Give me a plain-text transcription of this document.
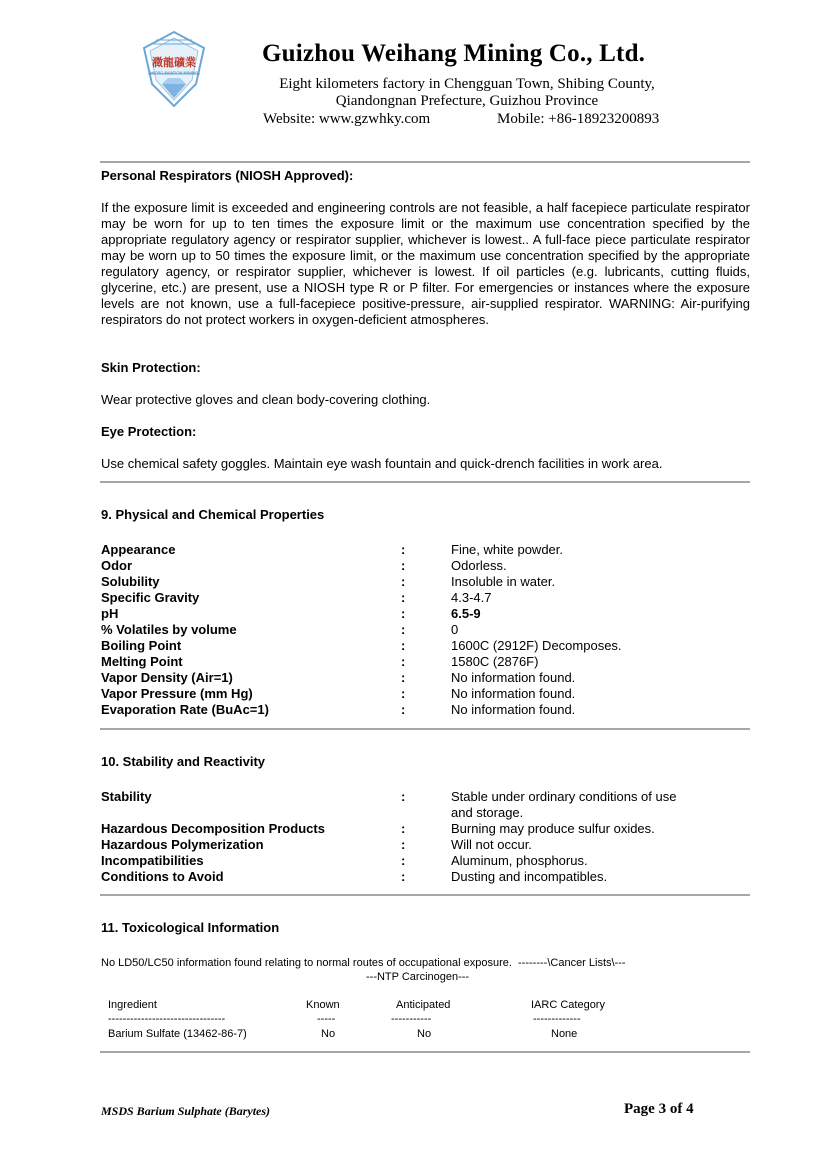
瀓龍礦業
MICRO AVIATION MINING
Guizhou Weihang Mining Co., Ltd.
Eight kilometers factory in Chengguan Town, Shibing County,
Qiandongnan Prefecture, Guizhou Province
Website: www.gzwhky.com	Mobile: +86-18923200893
Personal Respirators (NIOSH Approved):
If the exposure limit is exceeded and engineering controls are not feasible, a half facepiece particulate respirator may be worn for up to ten times the exposure limit or the maximum use concentration specified by the appropriate regulatory agency or respirator supplier, whichever is lowest.. A full-face piece particulate respirator may be worn up to 50 times the exposure limit, or the maximum use concentration specified by the appropriate regulatory agency, or respirator supplier, whichever is lowest. If oil particles (e.g. lubricants, cutting fluids, glycerine, etc.) are present, use a NIOSH type R or P filter. For emergencies or instances where the exposure levels are not known, use a full-facepiece positive-pressure, air-supplied respirator. WARNING: Air-purifying respirators do not protect workers in oxygen-deficient atmospheres.
Skin Protection:
Wear protective gloves and clean body-covering clothing.
Eye Protection:
Use chemical safety goggles. Maintain eye wash fountain and quick-drench facilities in work area.
9. Physical and Chemical Properties
Appearance	:	Fine, white powder.
Odor	:	Odorless.
Solubility	:	Insoluble in water.
Specific Gravity	:	4.3-4.7
pH	:	6.5-9
% Volatiles by volume	:	0
Boiling Point	:	1600C (2912F) Decomposes.
Melting Point	:	1580C (2876F)
Vapor Density (Air=1)	:	No information found.
Vapor Pressure (mm Hg)	:	No information found.
Evaporation Rate (BuAc=1)	:	No information found.
10. Stability and Reactivity
Stability	:	Stable under ordinary conditions of use
and storage.
Hazardous Decomposition Products	:	Burning may produce sulfur oxides.
Hazardous Polymerization	:	Will not occur.
Incompatibilities	:	Aluminum, phosphorus.
Conditions to Avoid	:	Dusting and incompatibles.
11. Toxicological Information
No LD50/LC50 information found relating to normal routes of occupational exposure.  --------\Cancer Lists\---
---NTP Carcinogen---
Ingredient	Known	Anticipated	IARC Category
--------------------------------	-----	-----------	-------------
Barium Sulfate (13462-86-7)	No	No	None
MSDS Barium Sulphate (Barytes)	Page 3 of 4
